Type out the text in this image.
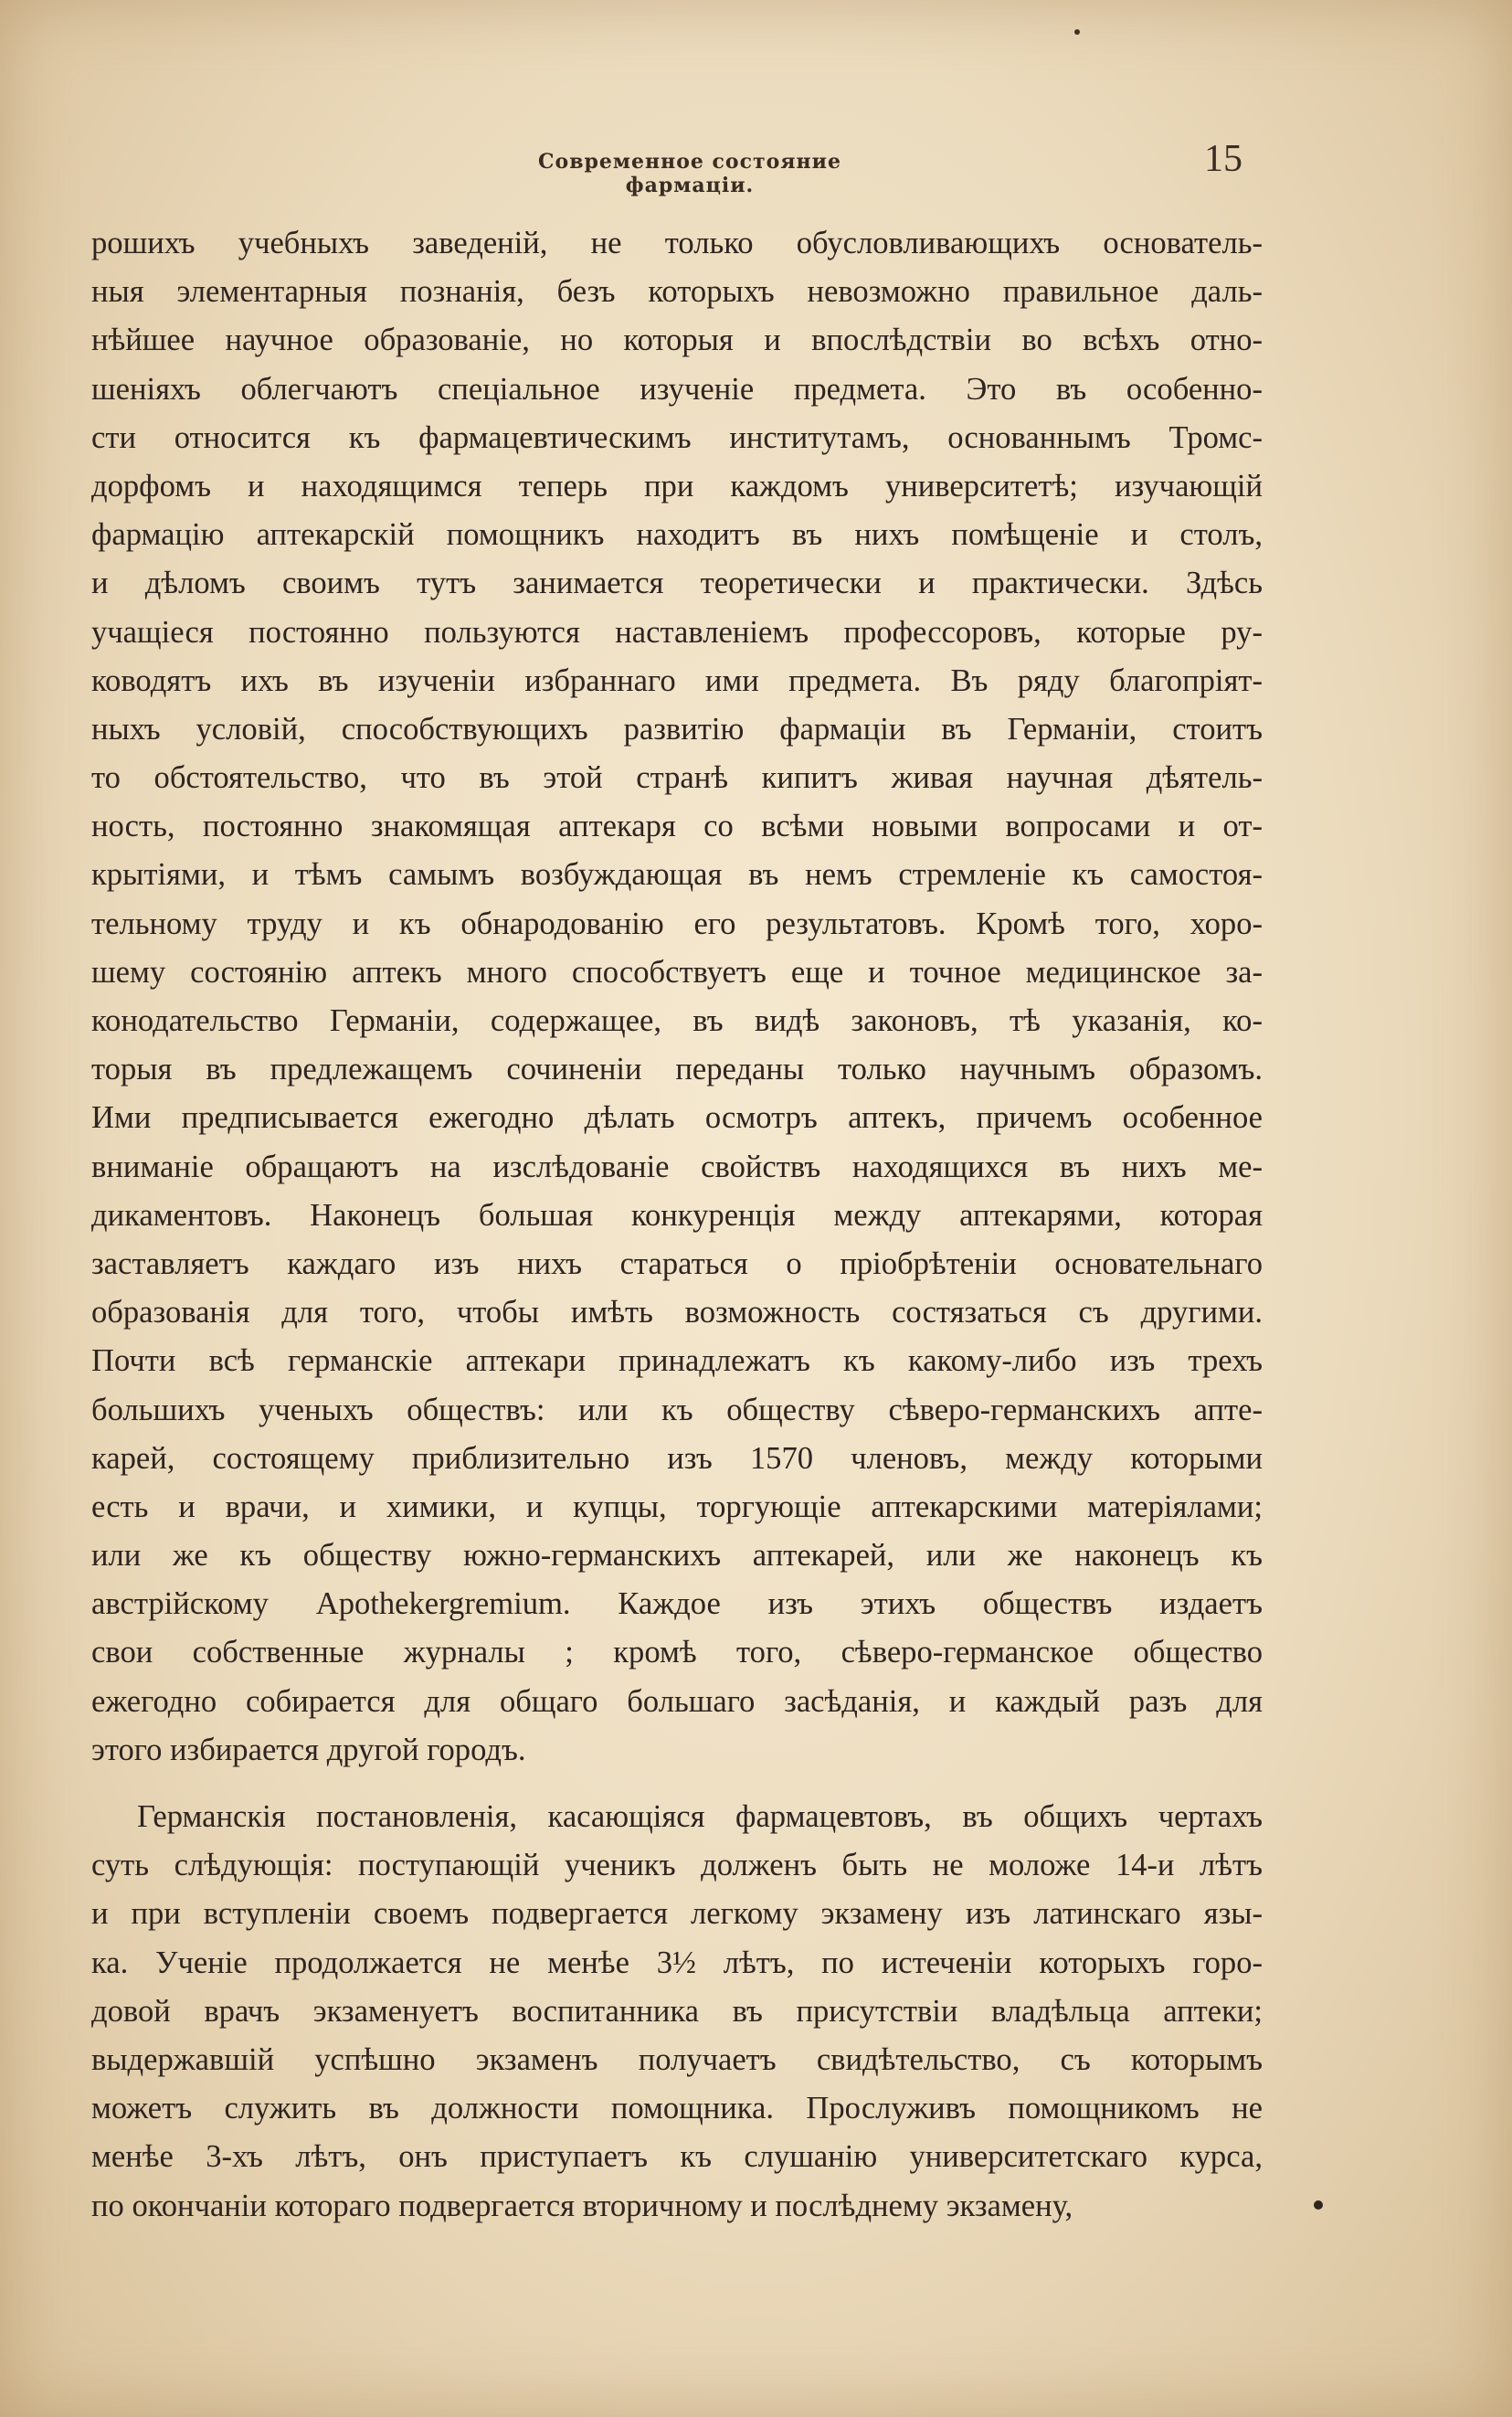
Современное состояние фармаціи.
15
рошихъ учебныхъ заведеній, не только обусловливающихъ основатель-
ныя элементарныя познанія, безъ которыхъ невозможно правильное даль-
нѣйшее научное образованіе, но которыя и впослѣдствіи во всѣхъ отно-
шеніяхъ облегчаютъ спеціальное изученіе предмета. Это въ особенно-
сти относится къ фармацевтическимъ институтамъ, основаннымъ Тромс-
дорфомъ и находящимся теперь при каждомъ университетѣ; изучающій
фармацію аптекарскій помощникъ находитъ въ нихъ помѣщеніе и столъ,
и дѣломъ своимъ тутъ занимается теоретически и практически. Здѣсь
учащіеся постоянно пользуются наставленіемъ профессоровъ, которые ру-
ководятъ ихъ въ изученіи избраннаго ими предмета. Въ ряду благопріят-
ныхъ условій, способствующихъ развитію фармаціи въ Германіи, стоитъ
то обстоятельство, что въ этой странѣ кипитъ живая научная дѣятель-
ность, постоянно знакомящая аптекаря со всѣми новыми вопросами и от-
крытіями, и тѣмъ самымъ возбуждающая въ немъ стремленіе къ самостоя-
тельному труду и къ обнародованію его результатовъ. Кромѣ того, хоро-
шему состоянію аптекъ много способствуетъ еще и точное медицинское за-
конодательство Германіи, содержащее, въ видѣ законовъ, тѣ указанія, ко-
торыя въ предлежащемъ сочиненіи переданы только научнымъ образомъ.
Ими предписывается ежегодно дѣлать осмотръ аптекъ, причемъ особенное
вниманіе обращаютъ на изслѣдованіе свойствъ находящихся въ нихъ ме-
дикаментовъ. Наконецъ большая конкуренція между аптекарями, которая
заставляетъ каждаго изъ нихъ стараться о пріобрѣтеніи основательнаго
образованія для того, чтобы имѣть возможность состязаться съ другими.
Почти всѣ германскіе аптекари принадлежатъ къ какому-либо изъ трехъ
большихъ ученыхъ обществъ: или къ обществу сѣверо-германскихъ апте-
карей, состоящему приблизительно изъ 1570 членовъ, между которыми
есть и врачи, и химики, и купцы, торгующіе аптекарскими матеріялами;
или же къ обществу южно-германскихъ аптекарей, или же наконецъ къ
австрійскому Apothekergremium. Каждое изъ этихъ обществъ издаетъ
свои собственные журналы ; кромѣ того, сѣверо-германское общество
ежегодно собирается для общаго большаго засѣданія, и каждый разъ для
этого избирается другой городъ.
Германскія постановленія, касающіяся фармацевтовъ, въ общихъ чертахъ
суть слѣдующія: поступающій ученикъ долженъ быть не моложе 14-и лѣтъ
и при вступленіи своемъ подвергается легкому экзамену изъ латинскаго язы-
ка. Ученіе продолжается не менѣе 3½ лѣтъ, по истеченіи которыхъ горо-
довой врачъ экзаменуетъ воспитанника въ присутствіи владѣльца аптеки;
выдержавшій успѣшно экзаменъ получаетъ свидѣтельство, съ которымъ
можетъ служить въ должности помощника. Прослуживъ помощникомъ не
менѣе 3-хъ лѣтъ, онъ приступаетъ къ слушанію университетскаго курса,
по окончаніи котораго подвергается вторичному и послѣднему экзамену,
